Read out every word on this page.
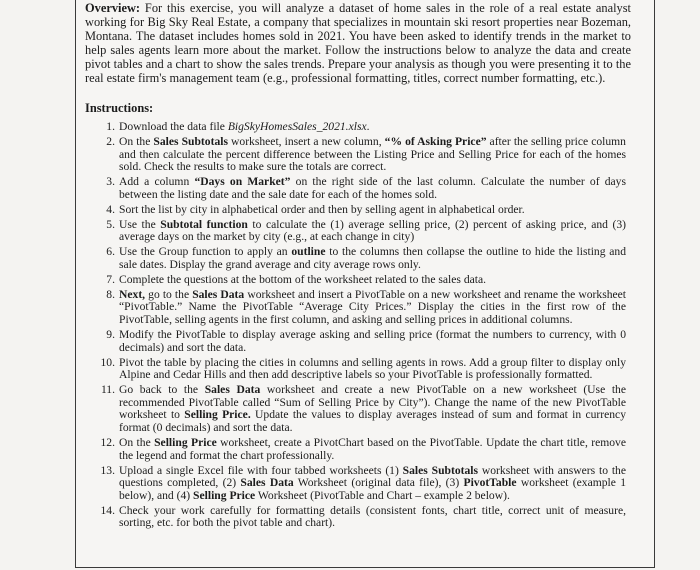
Overview: For this exercise, you will analyze a dataset of home sales in the role of a real estate analyst working for Big Sky Real Estate, a company that specializes in mountain ski resort properties near Bozeman, Montana. The dataset includes homes sold in 2021. You have been asked to identify trends in the market to help sales agents learn more about the market. Follow the instructions below to analyze the data and create pivot tables and a chart to show the sales trends. Prepare your analysis as though you were presenting it to the real estate firm's management team (e.g., professional formatting, titles, correct number formatting, etc.).

Instructions:
1. Download the data file BigSkyHomesSales_2021.xlsx.
2. On the Sales Subtotals worksheet, insert a new column, “% of Asking Price” after the selling price column and then calculate the percent difference between the Listing Price and Selling Price for each of the homes sold. Check the results to make sure the totals are correct.
3. Add a column “Days on Market” on the right side of the last column. Calculate the number of days between the listing date and the sale date for each of the homes sold.
4. Sort the list by city in alphabetical order and then by selling agent in alphabetical order.
5. Use the Subtotal function to calculate the (1) average selling price, (2) percent of asking price, and (3) average days on the market by city (e.g., at each change in city)
6. Use the Group function to apply an outline to the columns then collapse the outline to hide the listing and sale dates. Display the grand average and city average rows only.
7. Complete the questions at the bottom of the worksheet related to the sales data.
8. Next, go to the Sales Data worksheet and insert a PivotTable on a new worksheet and rename the worksheet “PivotTable.” Name the PivotTable “Average City Prices.” Display the cities in the first row of the PivotTable, selling agents in the first column, and asking and selling prices in additional columns.
9. Modify the PivotTable to display average asking and selling price (format the numbers to currency, with 0 decimals) and sort the data.
10. Pivot the table by placing the cities in columns and selling agents in rows. Add a group filter to display only Alpine and Cedar Hills and then add descriptive labels so your PivotTable is professionally formatted.
11. Go back to the Sales Data worksheet and create a new PivotTable on a new worksheet (Use the recommended PivotTable called “Sum of Selling Price by City”). Change the name of the new PivotTable worksheet to Selling Price. Update the values to display averages instead of sum and format in currency format (0 decimals) and sort the data.
12. On the Selling Price worksheet, create a PivotChart based on the PivotTable. Update the chart title, remove the legend and format the chart professionally.
13. Upload a single Excel file with four tabbed worksheets (1) Sales Subtotals worksheet with answers to the questions completed, (2) Sales Data Worksheet (original data file), (3) PivotTable worksheet (example 1 below), and (4) Selling Price Worksheet (PivotTable and Chart – example 2 below).
14. Check your work carefully for formatting details (consistent fonts, chart title, correct unit of measure, sorting, etc. for both the pivot table and chart).
